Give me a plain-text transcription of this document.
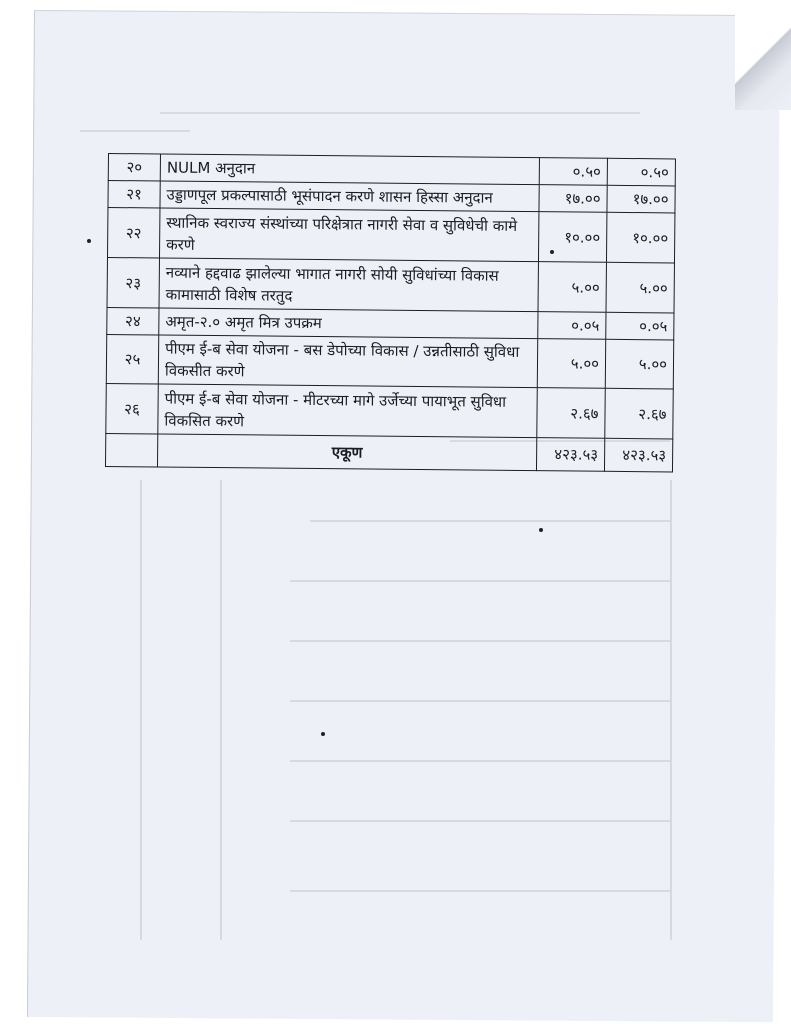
२०	NULM अनुदान	०.५०	०.५०
२१	उड्डाणपूल प्रकल्पासाठी भूसंपादन करणे शासन हिस्सा अनुदान	१७.००	१७.००
२२	स्थानिक स्वराज्य संस्थांच्या परिक्षेत्रात नागरी सेवा व सुविधेची कामे करणे	१०.००	१०.००
२३	नव्याने हद्दवाढ झालेल्या भागात नागरी सोयी सुविधांच्या विकास कामासाठी विशेष तरतुद	५.००	५.००
२४	अमृत-२.० अमृत मित्र उपक्रम	०.०५	०.०५
२५	पीएम ई-ब सेवा योजना - बस डेपोच्या विकास / उन्नतीसाठी सुविधा विकसीत करणे	५.००	५.००
२६	पीएम ई-ब सेवा योजना - मीटरच्या मागे उर्जेच्या पायाभूत सुविधा विकसित करणे	२.६७	२.६७
	एकूण	४२३.५३	४२३.५३
